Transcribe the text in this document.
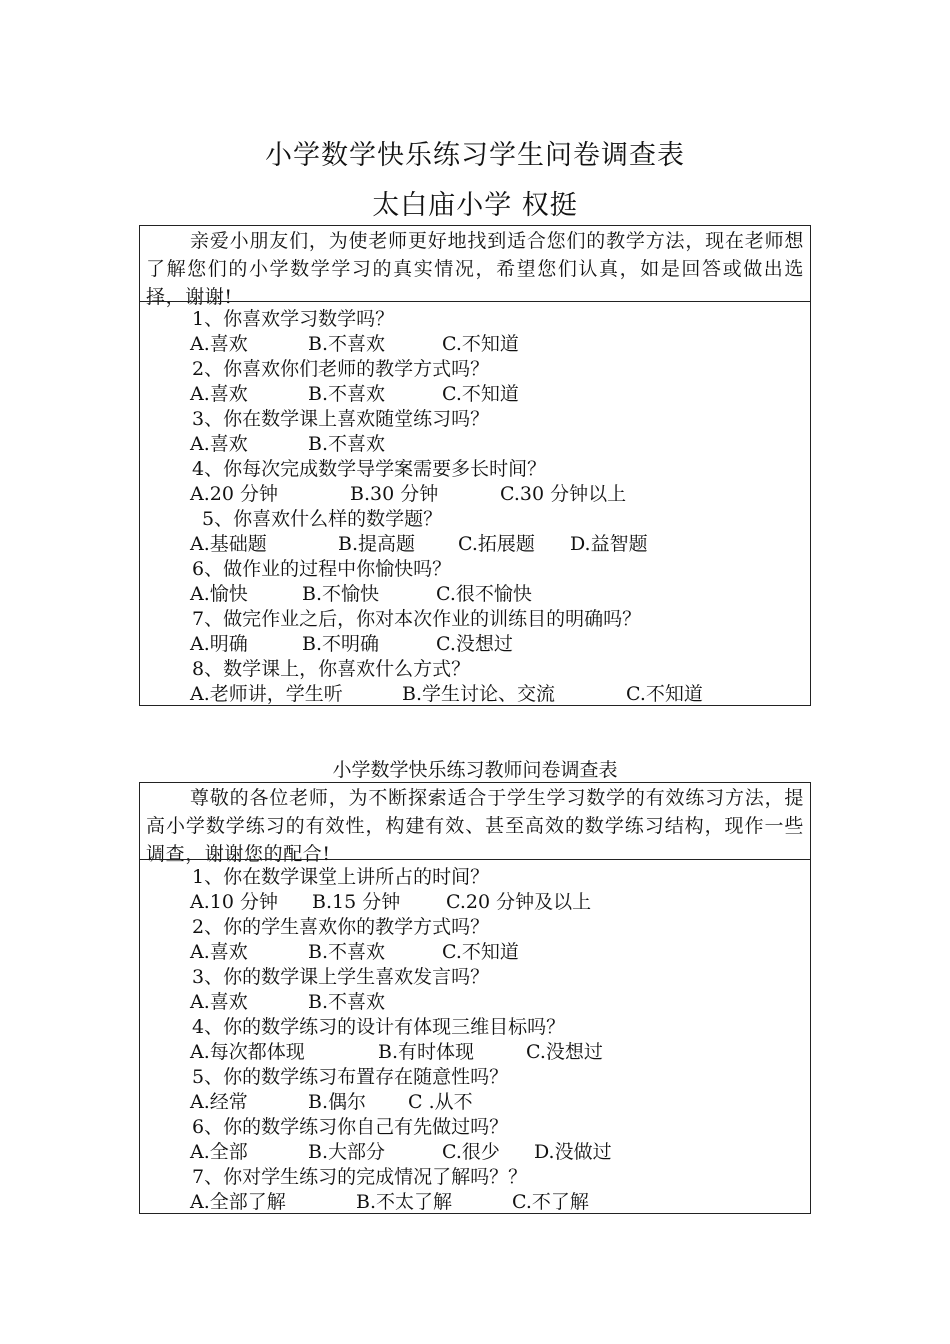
小学数学快乐练习学生问卷调查表
太白庙小学 权挺
亲爱小朋友们，为使老师更好地找到适合您们的教学方法，现在老师想了解您们的小学数学学习的真实情况，希望您们认真，如是回答或做出选择，谢谢!
1、你喜欢学习数学吗？
A.喜欢	B.不喜欢	C.不知道
2、你喜欢你们老师的教学方式吗？
A.喜欢	B.不喜欢	C.不知道
3、你在数学课上喜欢随堂练习吗？
A.喜欢	B.不喜欢
4、你每次完成数学导学案需要多长时间？
A.20 分钟	B.30 分钟	C.30 分钟以上
5、你喜欢什么样的数学题？
A.基础题	B.提高题 C.拓展题 D.益智题
6、做作业的过程中你愉快吗？
A.愉快	B.不愉快	C.很不愉快
7、做完作业之后，你对本次作业的训练目的明确吗？
A.明确	B.不明确	C.没想过
8、数学课上，你喜欢什么方式？
A.老师讲，学生听	B.学生讨论、交流	C.不知道
小学数学快乐练习教师问卷调查表
尊敬的各位老师，为不断探索适合于学生学习数学的有效练习方法，提高小学数学练习的有效性，构建有效、甚至高效的数学练习结构，现作一些调查，谢谢您的配合!
1、你在数学课堂上讲所占的时间？
A.10 分钟 B.15 分钟 C.20 分钟及以上
2、你的学生喜欢你的教学方式吗？
A.喜欢	B.不喜欢	C.不知道
3、你的数学课上学生喜欢发言吗？
A.喜欢	B.不喜欢
4、你的数学练习的设计有体现三维目标吗？
A.每次都体现	B.有时体现	C.没想过
5、你的数学练习布置存在随意性吗？
A.经常	B.偶尔 C .从不
6、你的数学练习你自己有先做过吗？
A.全部	B.大部分	C.很少 D.没做过
7、你对学生练习的完成情况了解吗？？
A.全部了解	B.不太了解	C.不了解
